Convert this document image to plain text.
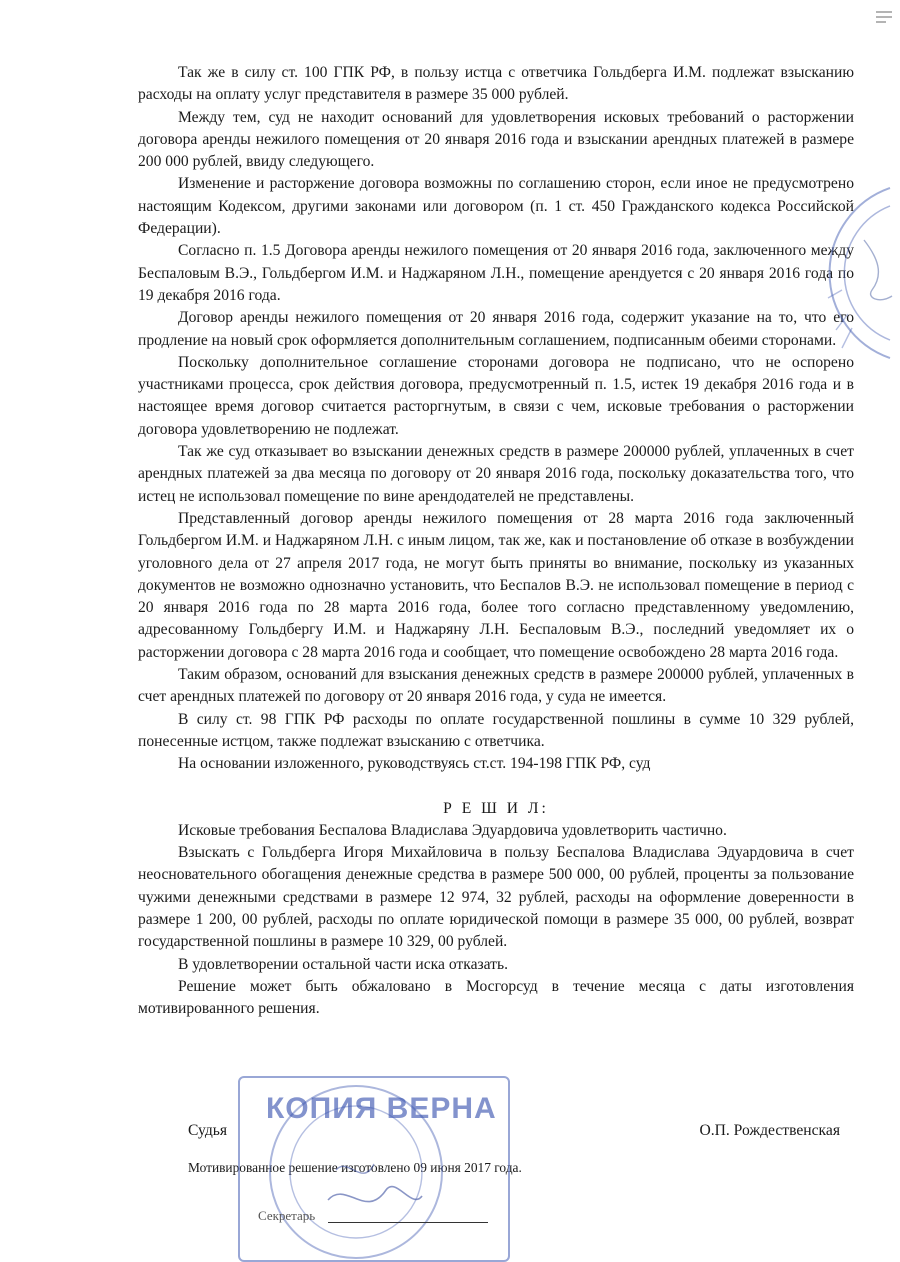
Так же в силу ст. 100 ГПК РФ, в пользу истца с ответчика Гольдберга И.М. подлежат взысканию расходы на оплату услуг представителя в размере 35 000 рублей.

Между тем, суд не находит оснований для удовлетворения исковых требований о расторжении договора аренды нежилого помещения от 20 января 2016 года и взыскании арендных платежей в размере 200 000 рублей, ввиду следующего.

Изменение и расторжение договора возможны по соглашению сторон, если иное не предусмотрено настоящим Кодексом, другими законами или договором (п. 1 ст. 450 Гражданского кодекса Российской Федерации).

Согласно п. 1.5 Договора аренды нежилого помещения от 20 января 2016 года, заключенного между Беспаловым В.Э., Гольдбергом И.М. и Наджаряном Л.Н., помещение арендуется с 20 января 2016 года по 19 декабря 2016 года.

Договор аренды нежилого помещения от 20 января 2016 года, содержит указание на то, что его продление на новый срок оформляется дополнительным соглашением, подписанным обеими сторонами.

Поскольку дополнительное соглашение сторонами договора не подписано, что не оспорено участниками процесса, срок действия договора, предусмотренный п. 1.5, истек 19 декабря 2016 года и в настоящее время договор считается расторгнутым, в связи с чем, исковые требования о расторжении договора удовлетворению не подлежат.

Так же суд отказывает во взыскании денежных средств в размере 200000 рублей, уплаченных в счет арендных платежей за два месяца по договору от 20 января 2016 года, поскольку доказательства того, что истец не использовал помещение по вине арендодателей не представлены.

Представленный договор аренды нежилого помещения от 28 марта 2016 года заключенный Гольдбергом И.М. и Наджаряном Л.Н. с иным лицом, так же, как и постановление об отказе в возбуждении уголовного дела от 27 апреля 2017 года, не могут быть приняты во внимание, поскольку из указанных документов не возможно однозначно установить, что Беспалов В.Э. не использовал помещение в период с 20 января 2016 года по 28 марта 2016 года, более того согласно представленному уведомлению, адресованному Гольдбергу И.М. и Наджаряну Л.Н. Беспаловым В.Э., последний уведомляет их о расторжении договора с 28 марта 2016 года и сообщает, что помещение освобождено 28 марта 2016 года.

Таким образом, оснований для взыскания денежных средств в размере 200000 рублей, уплаченных в счет арендных платежей по договору от 20 января 2016 года, у суда не имеется.

В силу ст. 98 ГПК РФ расходы по оплате государственной пошлины в сумме 10 329 рублей, понесенные истцом, также подлежат взысканию с ответчика.

На основании изложенного, руководствуясь ст.ст. 194-198 ГПК РФ, суд

Р Е Ш И Л:

Исковые требования Беспалова Владислава Эдуардовича удовлетворить частично.

Взыскать с Гольдберга Игоря Михайловича в пользу Беспалова Владислава Эдуардовича в счет неосновательного обогащения денежные средства в размере 500 000, 00 рублей, проценты за пользование чужими денежными средствами в размере 12 974, 32 рублей, расходы на оформление доверенности в размере 1 200, 00 рублей, расходы по оплате юридической помощи в размере 35 000, 00 рублей, возврат государственной пошлины в размере 10 329, 00 рублей.

В удовлетворении остальной части иска отказать.

Решение может быть обжаловано в Мосгорсуд в течение месяца с даты изготовления мотивированного решения.

Судья	О.П. Рождественская
Мотивированное решение изготовлено 09 июня 2017 года.
КОПИЯ ВЕРНА
Секретарь
